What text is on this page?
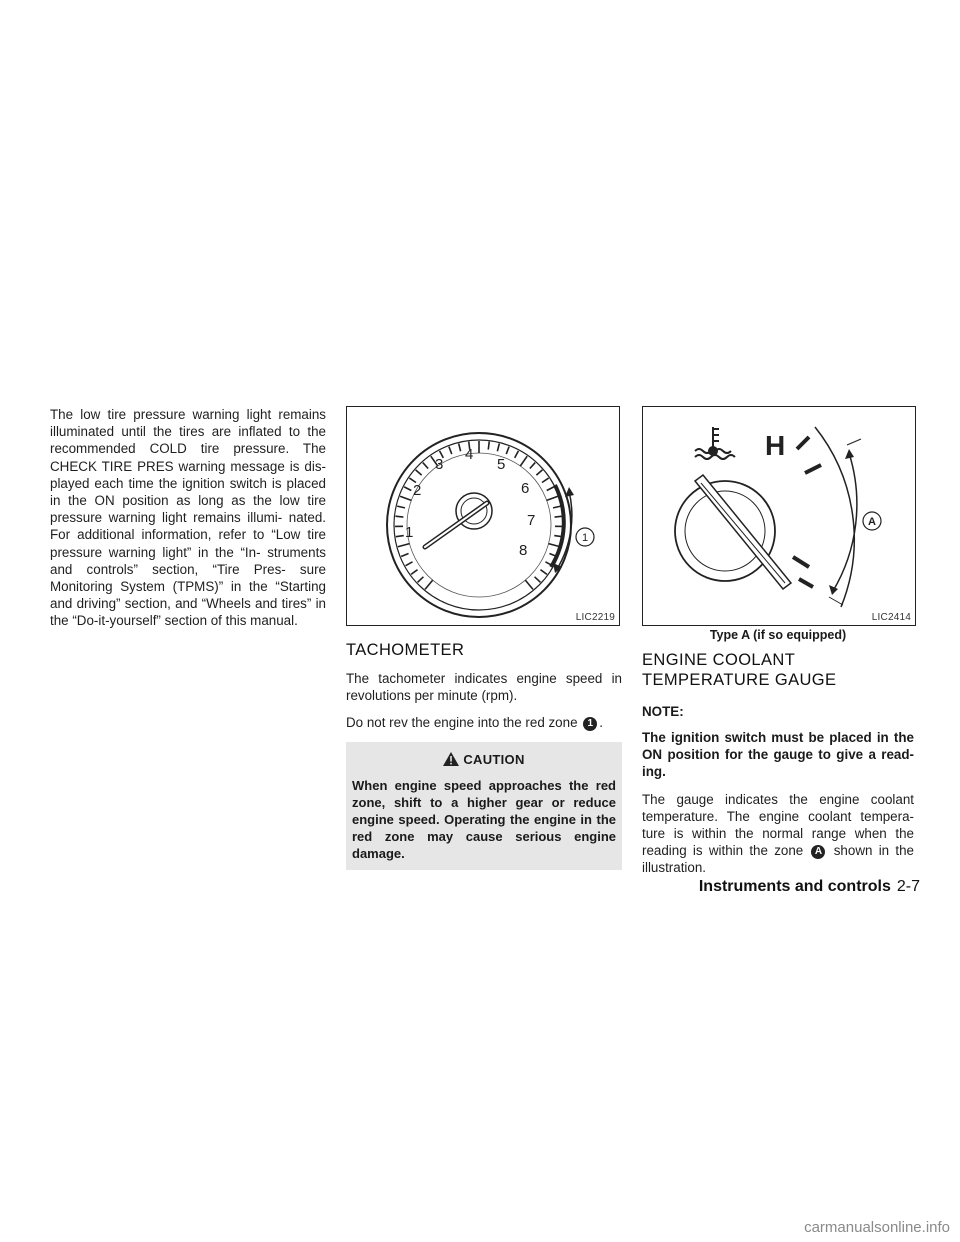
The low tire pressure warning light remains illuminated until the tires are inflated to the recommended COLD tire pressure. The CHECK TIRE PRES warning message is dis- played each time the ignition switch is placed in the ON position as long as the low tire pressure warning light remains illumi- nated. For additional information, refer to “Low tire pressure warning light” in the “In- struments and controls” section, “Tire Pres- sure Monitoring System (TPMS)” in the “Starting and driving” section, and “Wheels and tires” in the “Do-it-yourself” section of this manual.

1
2
3
4
5
6
7
8
1
LIC2219
TACHOMETER

The tachometer indicates engine speed in revolutions per minute (rpm).

Do not rev the engine into the red zone 1 .

CAUTION

When engine speed approaches the red zone, shift to a higher gear or reduce engine speed. Operating the engine in the red zone may cause serious engine damage.

H
A
LIC2414
Type A (if so equipped)
ENGINE COOLANT TEMPERATURE GAUGE
NOTE:

The ignition switch must be placed in the ON position for the gauge to give a read- ing.

The gauge indicates the engine coolant temperature. The engine coolant tempera- ture is within the normal range when the reading is within the zone A shown in the illustration.

Instruments and controls 2-7
carmanualsonline.info
